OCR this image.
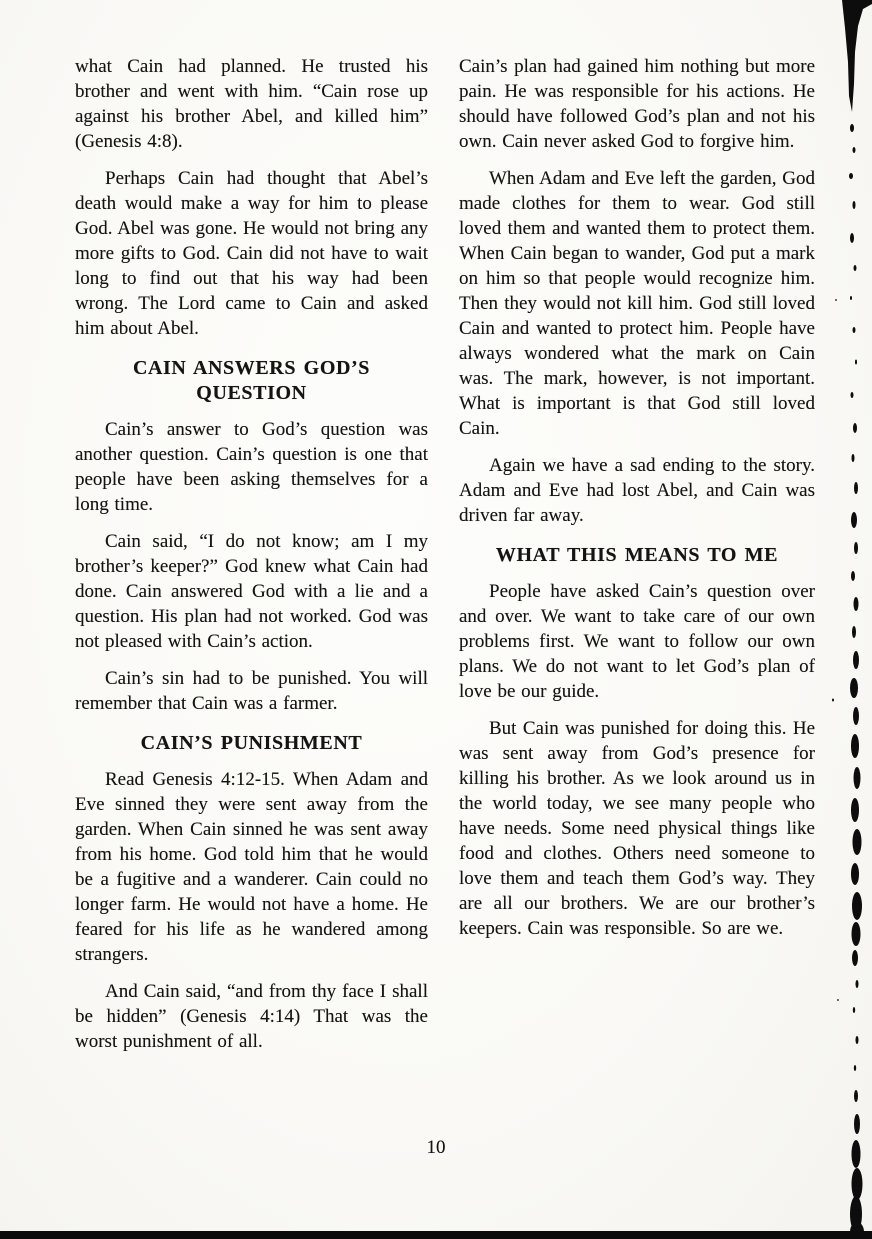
what Cain had planned. He trusted his brother and went with him. “Cain rose up against his brother Abel, and killed him” (Genesis 4:8).

Perhaps Cain had thought that Abel’s death would make a way for him to please God. Abel was gone. He would not bring any more gifts to God. Cain did not have to wait long to find out that his way had been wrong. The Lord came to Cain and asked him about Abel.

CAIN ANSWERS GOD’S QUESTION

Cain’s answer to God’s question was another question. Cain’s question is one that people have been asking themselves for a long time.

Cain said, “I do not know; am I my brother’s keeper?” God knew what Cain had done. Cain answered God with a lie and a question. His plan had not worked. God was not pleased with Cain’s action.

Cain’s sin had to be punished. You will remember that Cain was a farmer.

CAIN’S PUNISHMENT

Read Genesis 4:12-15. When Adam and Eve sinned they were sent away from the garden. When Cain sinned he was sent away from his home. God told him that he would be a fugitive and a wanderer. Cain could no longer farm. He would not have a home. He feared for his life as he wandered among strangers.

And Cain said, “and from thy face I shall be hidden” (Genesis 4:14) That was the worst punishment of all.

Cain’s plan had gained him nothing but more pain. He was responsible for his actions. He should have followed God’s plan and not his own. Cain never asked God to forgive him.

When Adam and Eve left the garden, God made clothes for them to wear. God still loved them and wanted them to protect them. When Cain began to wander, God put a mark on him so that people would recognize him. Then they would not kill him. God still loved Cain and wanted to protect him. People have always wondered what the mark on Cain was. The mark, however, is not important. What is important is that God still loved Cain.

Again we have a sad ending to the story. Adam and Eve had lost Abel, and Cain was driven far away.

WHAT THIS MEANS TO ME

People have asked Cain’s question over and over. We want to take care of our own problems first. We want to follow our own plans. We do not want to let God’s plan of love be our guide.

But Cain was punished for doing this. He was sent away from God’s presence for killing his brother. As we look around us in the world today, we see many people who have needs. Some need physical things like food and clothes. Others need someone to love them and teach them God’s way. They are all our brothers. We are our brother’s keepers. Cain was responsible. So are we.

10
